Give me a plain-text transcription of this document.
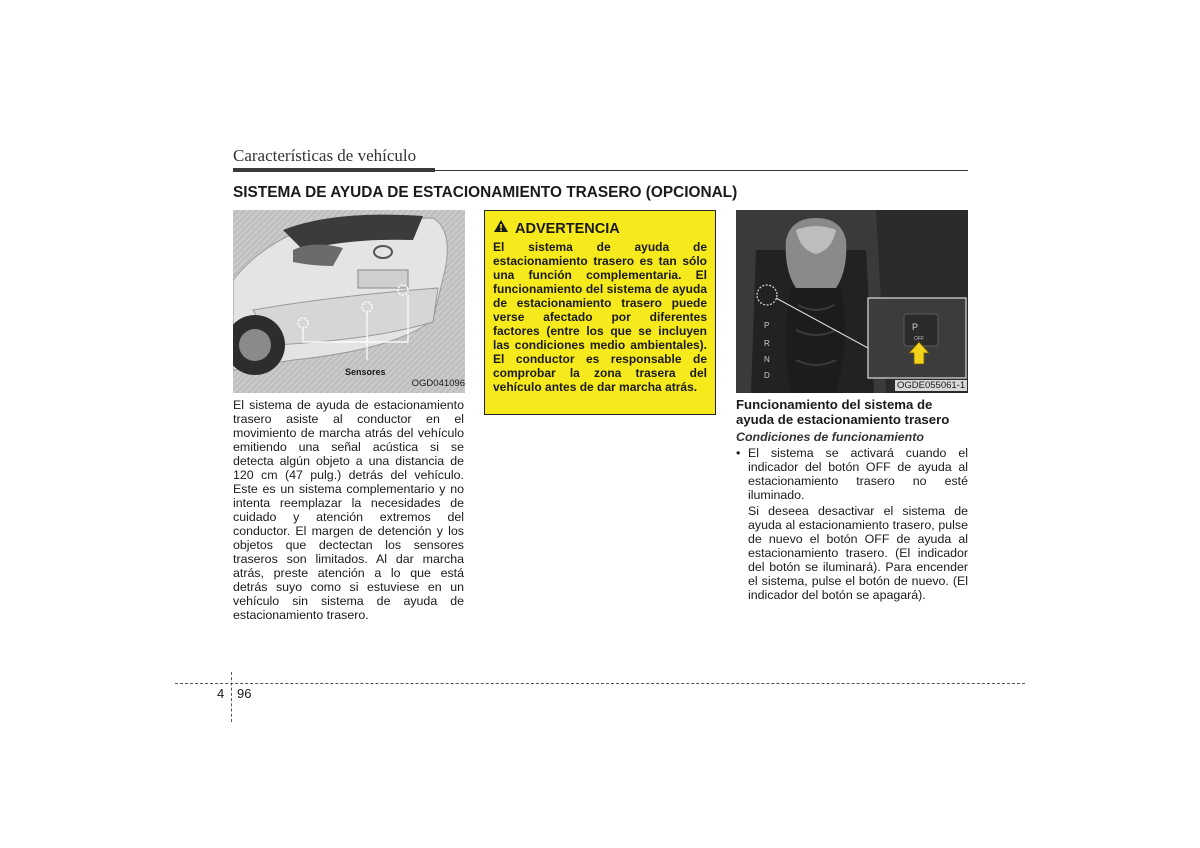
Características de vehículo
SISTEMA DE AYUDA DE ESTACIONAMIENTO TRASERO (OPCIONAL)
Sensores
OGD041096
El sistema de ayuda de estacionamiento trasero asiste al conductor en el movimiento de marcha atrás del vehículo emitiendo una señal acústica si se detecta algún objeto a una distancia de 120 cm (47 pulg.) detrás del vehículo. Este es un sistema complementario y no intenta reemplazar la necesidades de cuidado y atención extremos del conductor. El margen de detención y los objetos que dectectan los sensores traseros son limitados. Al dar marcha atrás, preste atención a lo que está detrás suyo como si estuviese en un vehículo sin sistema de ayuda de estacionamiento trasero.
ADVERTENCIA
El sistema de ayuda de estacionamiento trasero es tan sólo una función complementaria. El funcionamiento del sistema de ayuda de estacionamiento trasero puede verse afectado por diferentes factores (entre los que se incluyen las condiciones medio ambientales). El conductor es responsable de comprobar la zona trasera del vehículo antes de dar marcha atrás.
P
R
N
D
P
OFF
OGDE055061-1
Funcionamiento del sistema de ayuda de estacionamiento trasero
Condiciones de funcionamiento
• El sistema se activará cuando el indicador del botón OFF de ayuda al estacionamiento trasero no esté iluminado.
Si deseea desactivar el sistema de ayuda al estacionamiento trasero, pulse de nuevo el botón OFF de ayuda al estacionamiento trasero. (El indicador del botón se iluminará). Para encender el sistema, pulse el botón de nuevo. (El indicador del botón se apagará).
4 96
